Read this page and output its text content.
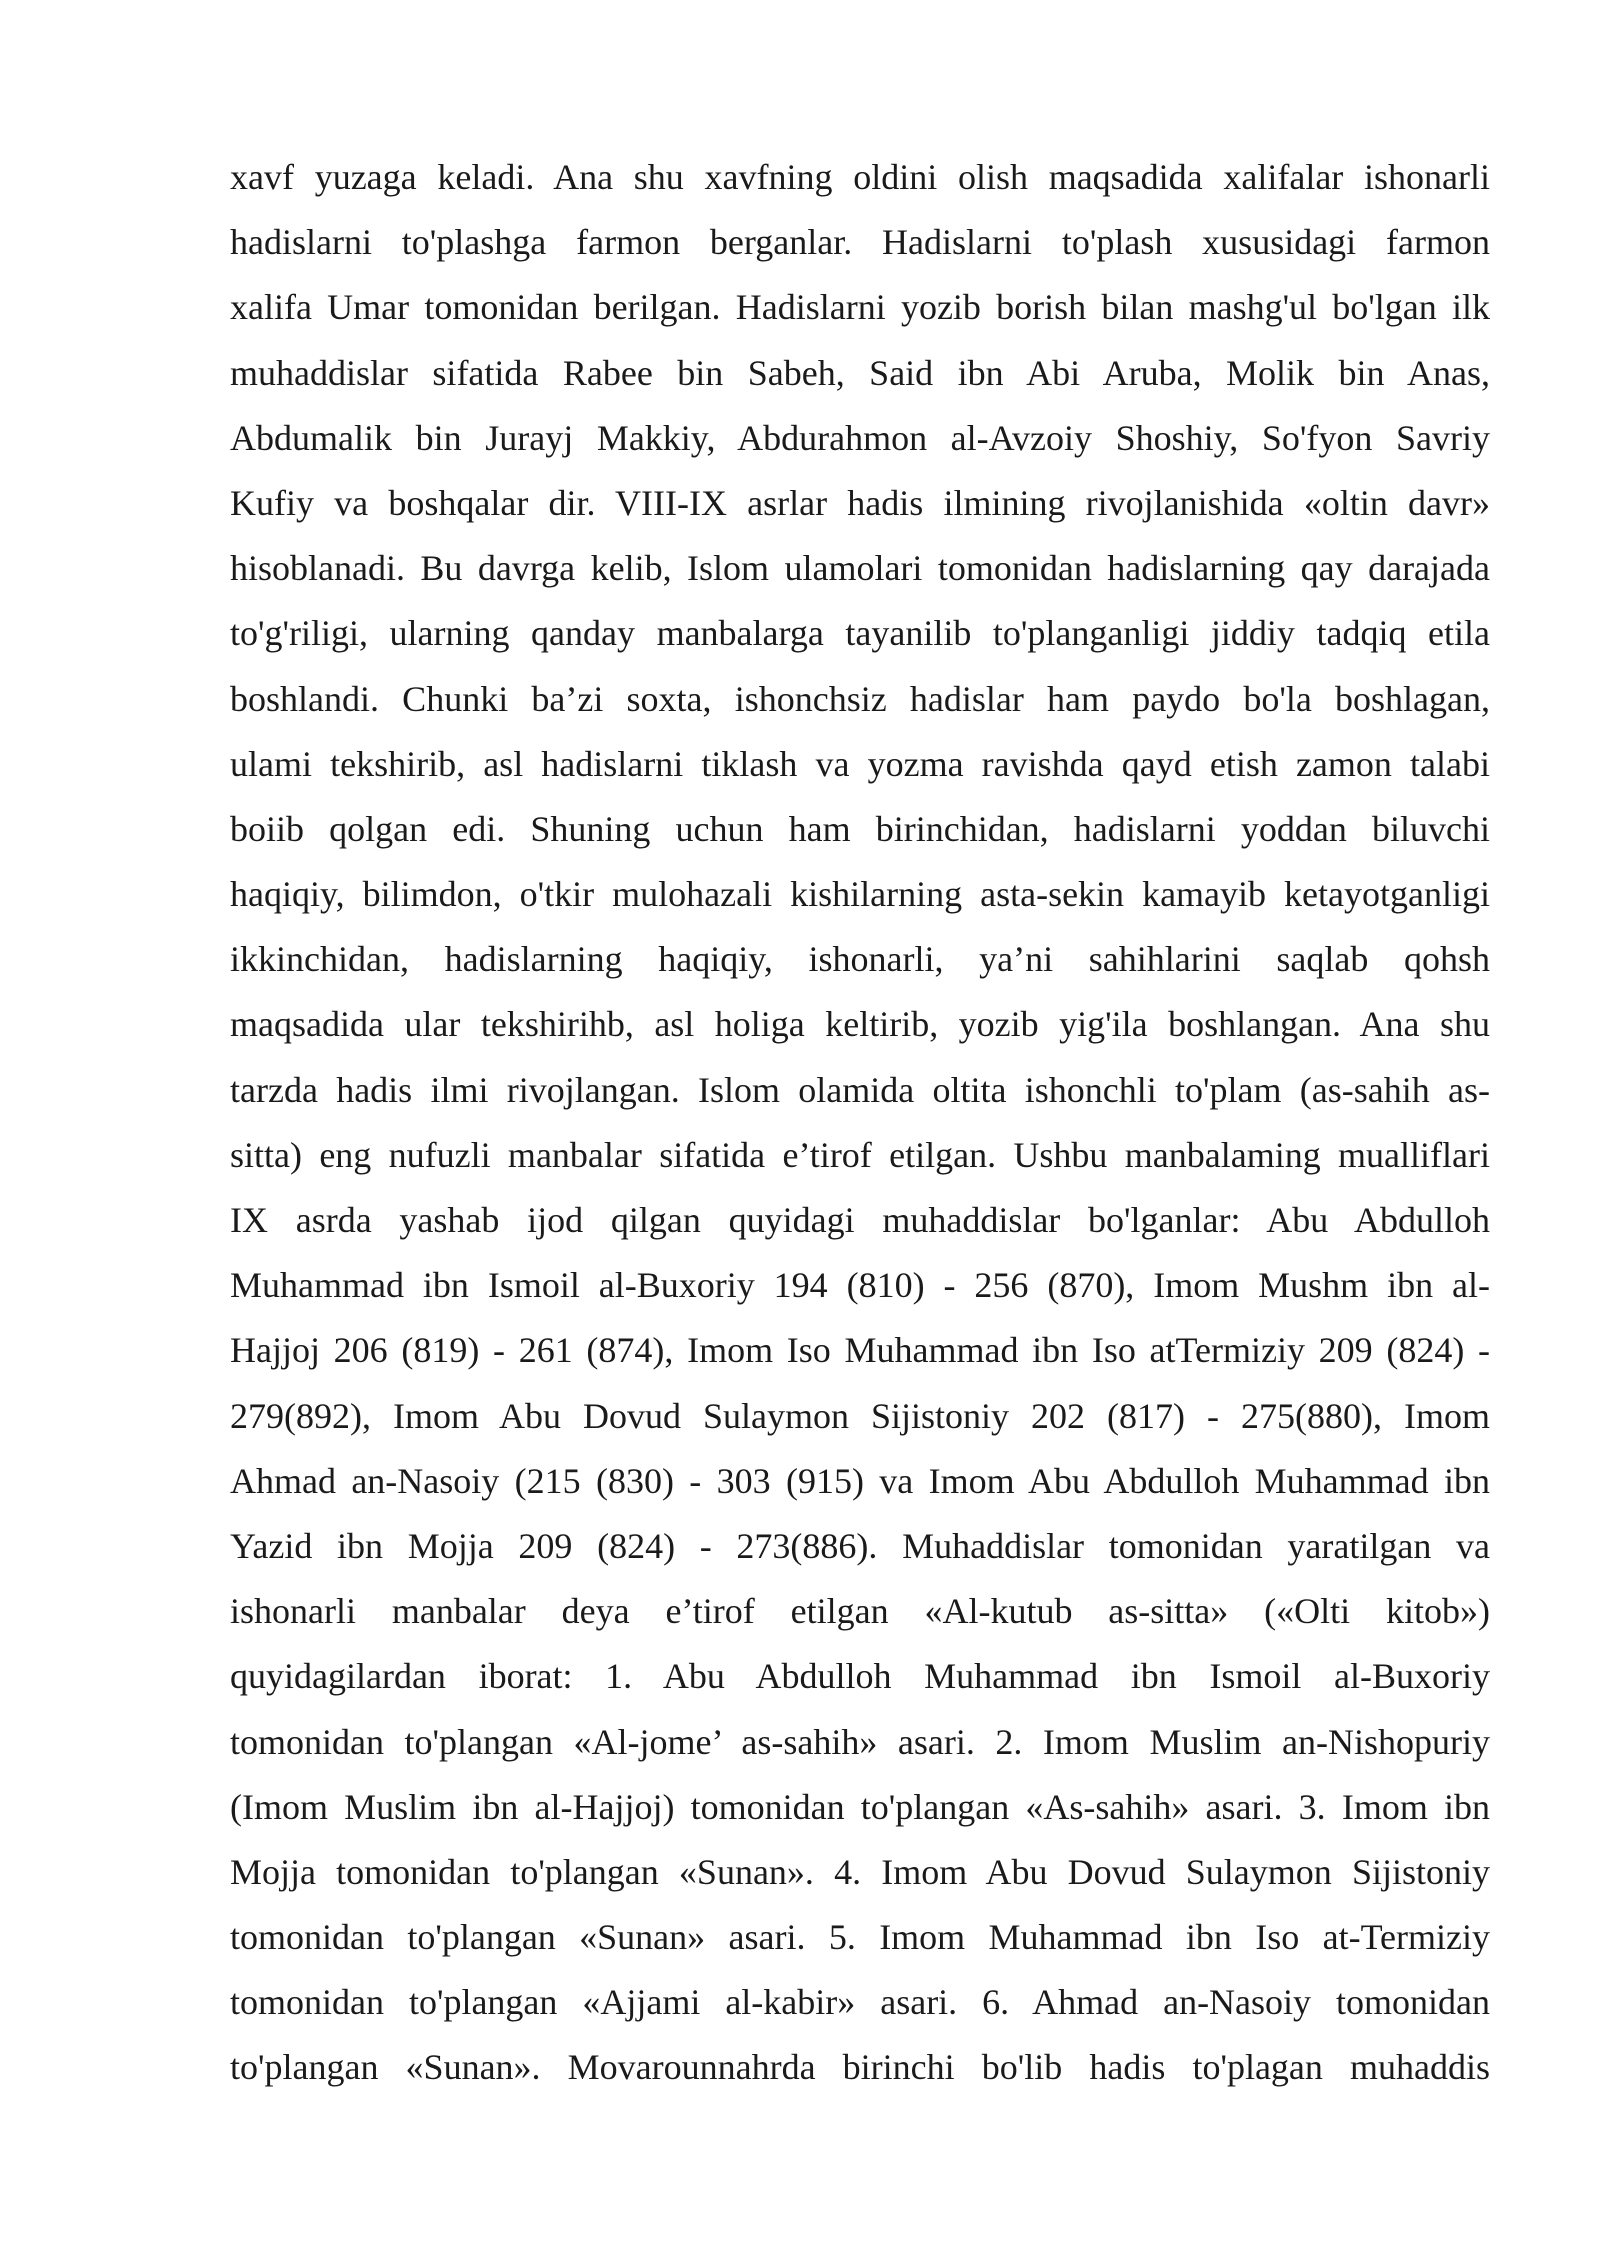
xavf yuzaga keladi. Ana shu xavfning oldini olish maqsadida xalifalar ishonarli
hadislarni to'plashga farmon berganlar. Hadislarni to'plash xususidagi farmon
xalifa Umar tomonidan berilgan. Hadislarni yozib borish bilan mashg'ul bo'lgan ilk
muhaddislar sifatida Rabee bin Sabeh, Said ibn Abi Aruba, Molik bin Anas,
Abdumalik bin Jurayj Makkiy, Abdurahmon al-Avzoiy Shoshiy, So'fyon Savriy
Kufiy va boshqalar dir. VIII-IX asrlar hadis ilmining rivojlanishida «oltin davr»
hisoblanadi. Bu davrga kelib, Islom ulamolari tomonidan hadislarning qay darajada
to'g'riligi, ularning qanday manbalarga tayanilib to'planganligi jiddiy tadqiq etila
boshlandi. Chunki ba’zi soxta, ishonchsiz hadislar ham paydo bo'la boshlagan,
ulami tekshirib, asl hadislarni tiklash va yozma ravishda qayd etish zamon talabi
boiib qolgan edi. Shuning uchun ham birinchidan, hadislarni yoddan biluvchi
haqiqiy, bilimdon, o'tkir mulohazali kishilarning asta-sekin kamayib ketayotganligi
ikkinchidan, hadislarning haqiqiy, ishonarli, ya’ni sahihlarini saqlab qohsh
maqsadida ular tekshirihb, asl holiga keltirib, yozib yig'ila boshlangan. Ana shu
tarzda hadis ilmi rivojlangan. Islom olamida oltita ishonchli to'plam (as-sahih as-
sitta) eng nufuzli manbalar sifatida e’tirof etilgan. Ushbu manbalaming mualliflari
IX asrda yashab ijod qilgan quyidagi muhaddislar bo'lganlar: Abu Abdulloh
Muhammad ibn Ismoil al-Buxoriy 194 (810) - 256 (870), Imom Mushm ibn al-
Hajjoj 206 (819) - 261 (874), Imom Iso Muhammad ibn Iso atTermiziy 209 (824) -
279(892), Imom Abu Dovud Sulaymon Sijistoniy 202 (817) - 275(880), Imom
Ahmad an-Nasoiy (215 (830) - 303 (915) va Imom Abu Abdulloh Muhammad ibn
Yazid ibn Mojja 209 (824) - 273(886). Muhaddislar tomonidan yaratilgan va
ishonarli manbalar deya e’tirof etilgan «Al-kutub as-sitta» («Olti kitob»)
quyidagilardan iborat: 1. Abu Abdulloh Muhammad ibn Ismoil al-Buxoriy
tomonidan to'plangan «Al-jome’ as-sahih» asari. 2. Imom Muslim an-Nishopuriy
(Imom Muslim ibn al-Hajjoj) tomonidan to'plangan «As-sahih» asari. 3. Imom ibn
Mojja tomonidan to'plangan «Sunan». 4. Imom Abu Dovud Sulaymon Sijistoniy
tomonidan to'plangan «Sunan» asari. 5. Imom Muhammad ibn Iso at-Termiziy
tomonidan to'plangan «Ajjami al-kabir» asari. 6. Ahmad an-Nasoiy tomonidan
to'plangan «Sunan». Movarounnahrda birinchi bo'lib hadis to'plagan muhaddis
